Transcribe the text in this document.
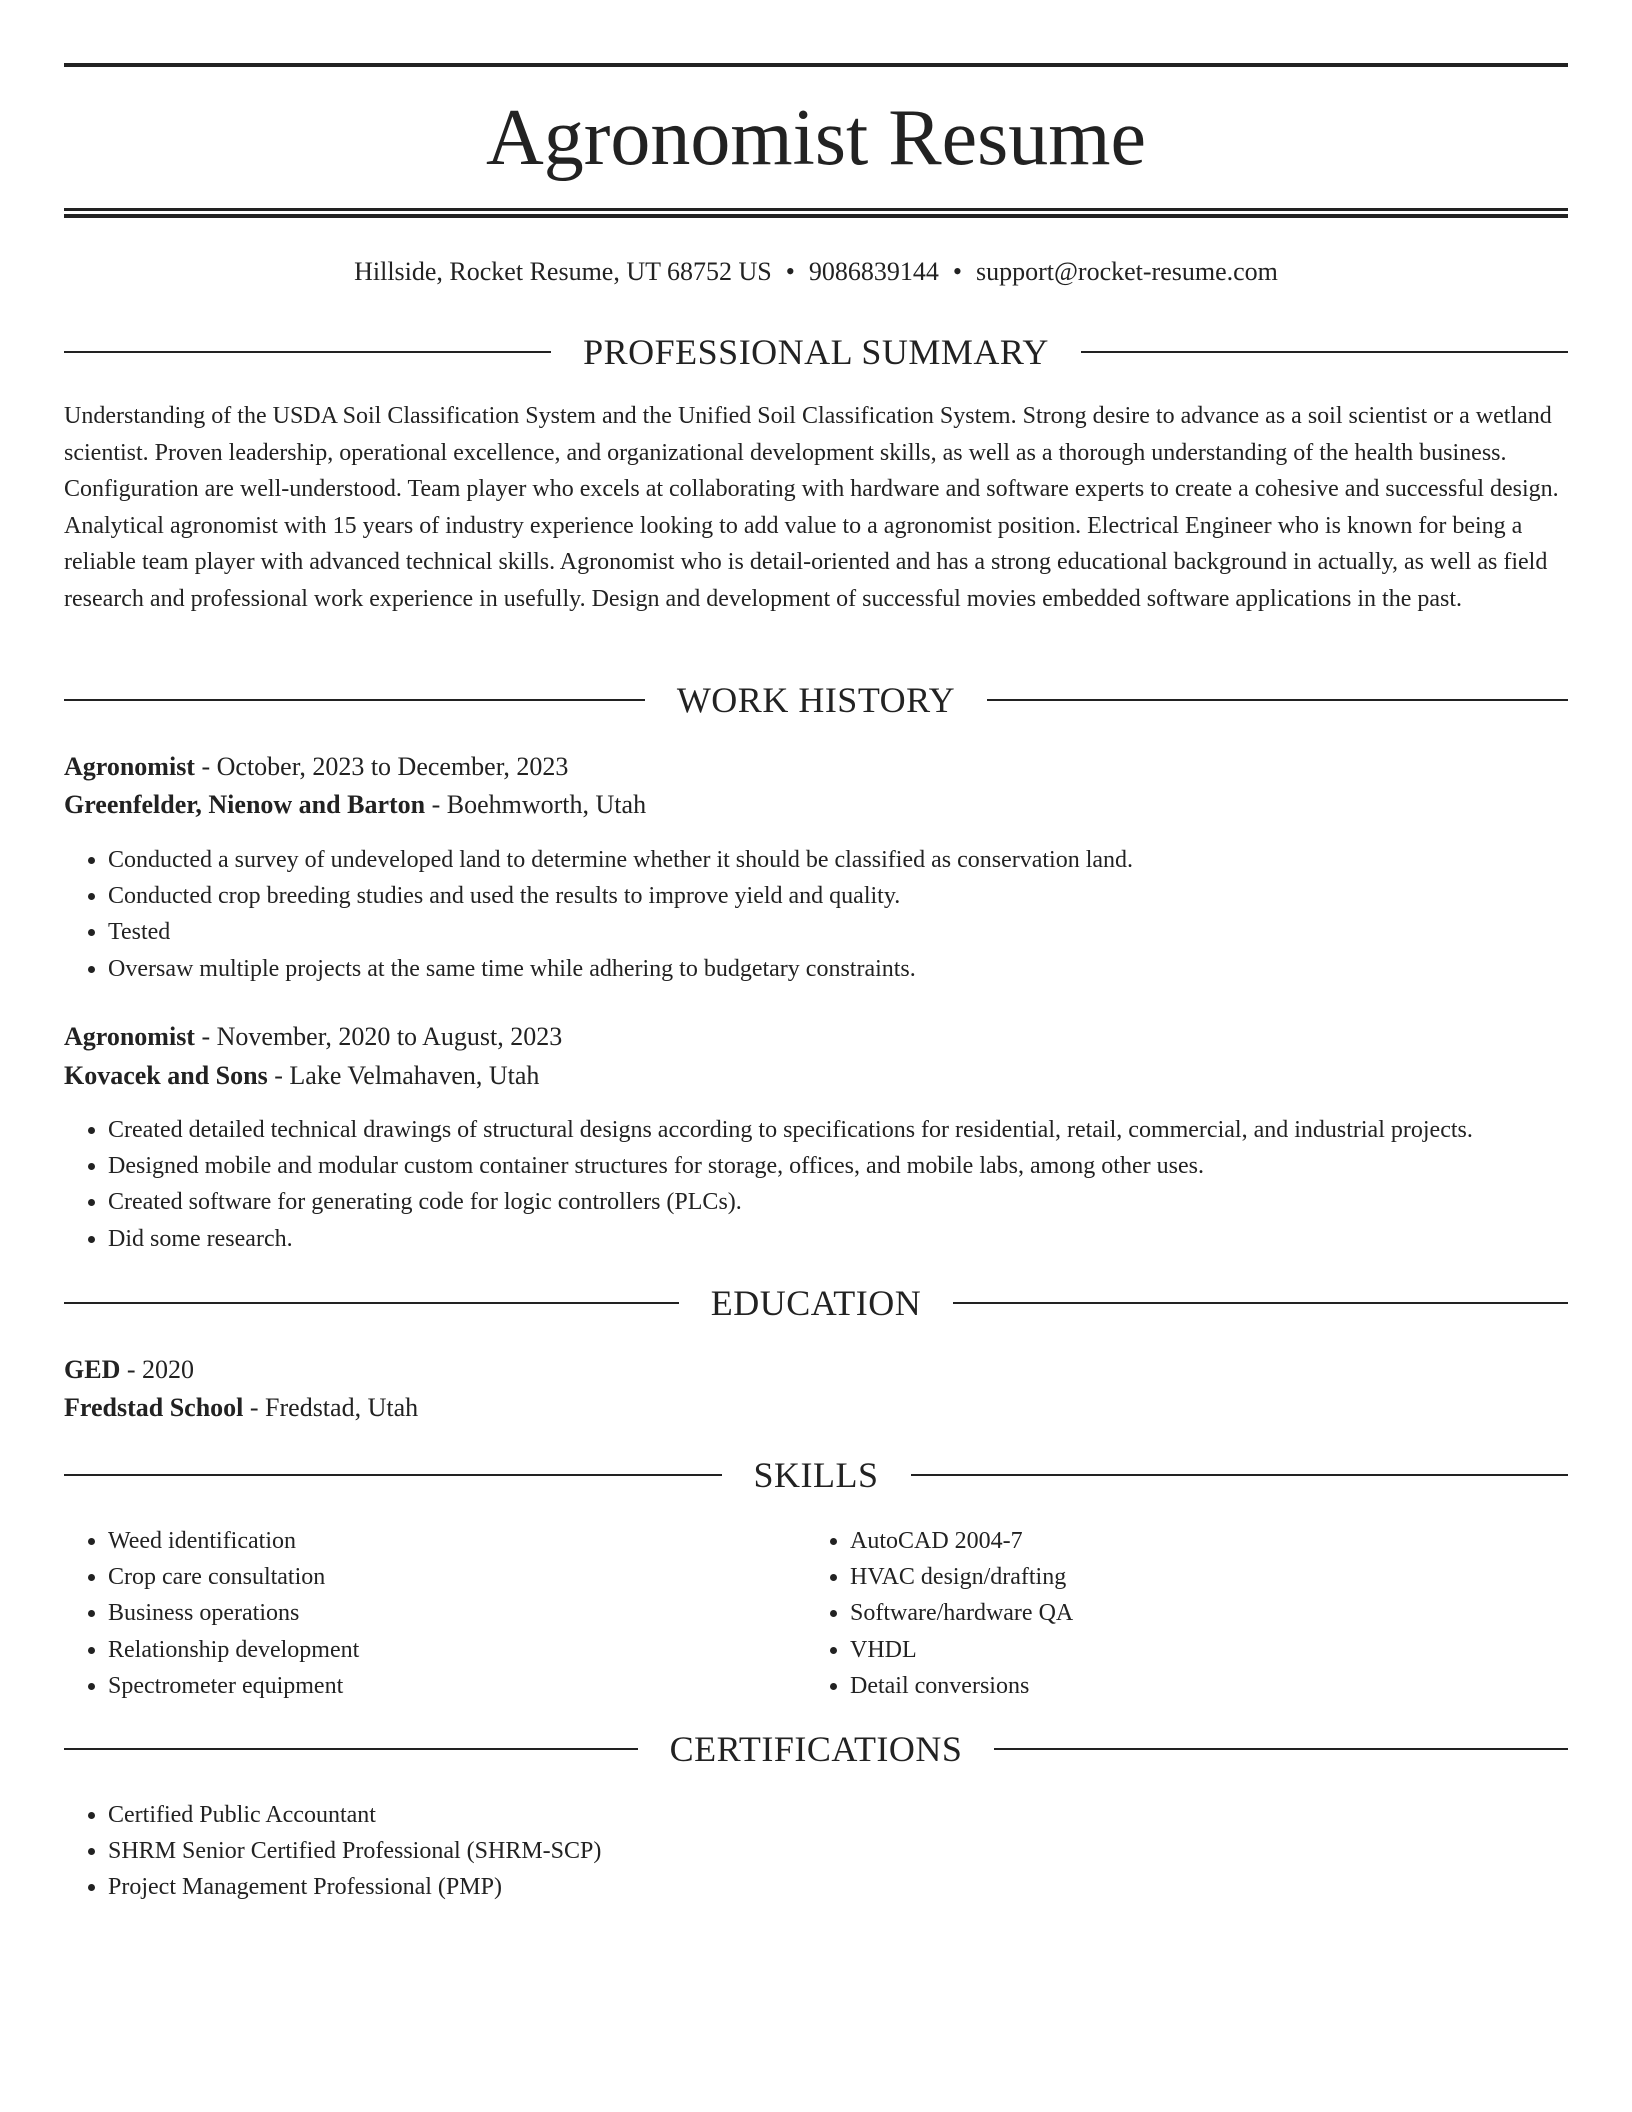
Agronomist Resume
Hillside, Rocket Resume, UT 68752 US • 9086839144 • support@rocket-resume.com
PROFESSIONAL SUMMARY

Understanding of the USDA Soil Classification System and the Unified Soil Classification System. Strong desire to advance as a soil scientist or a wetland scientist. Proven leadership, operational excellence, and organizational development skills, as well as a thorough understanding of the health business. Configuration are well-understood. Team player who excels at collaborating with hardware and software experts to create a cohesive and successful design. Analytical agronomist with 15 years of industry experience looking to add value to a agronomist position. Electrical Engineer who is known for being a reliable team player with advanced technical skills. Agronomist who is detail-oriented and has a strong educational background in actually, as well as field research and professional work experience in usefully. Design and development of successful movies embedded software applications in the past.

WORK HISTORY
Agronomist - October, 2023 to December, 2023
Greenfelder, Nienow and Barton - Boehmworth, Utah
• Conducted a survey of undeveloped land to determine whether it should be classified as conservation land.
• Conducted crop breeding studies and used the results to improve yield and quality.
• Tested
• Oversaw multiple projects at the same time while adhering to budgetary constraints.
Agronomist - November, 2020 to August, 2023
Kovacek and Sons - Lake Velmahaven, Utah
• Created detailed technical drawings of structural designs according to specifications for residential, retail, commercial, and industrial projects.
• Designed mobile and modular custom container structures for storage, offices, and mobile labs, among other uses.
• Created software for generating code for logic controllers (PLCs).
• Did some research.
EDUCATION
GED - 2020
Fredstad School - Fredstad, Utah
SKILLS
• Weed identification
• Crop care consultation
• Business operations
• Relationship development
• Spectrometer equipment
• AutoCAD 2004-7
• HVAC design/drafting
• Software/hardware QA
• VHDL
• Detail conversions
CERTIFICATIONS
• Certified Public Accountant
• SHRM Senior Certified Professional (SHRM-SCP)
• Project Management Professional (PMP)
